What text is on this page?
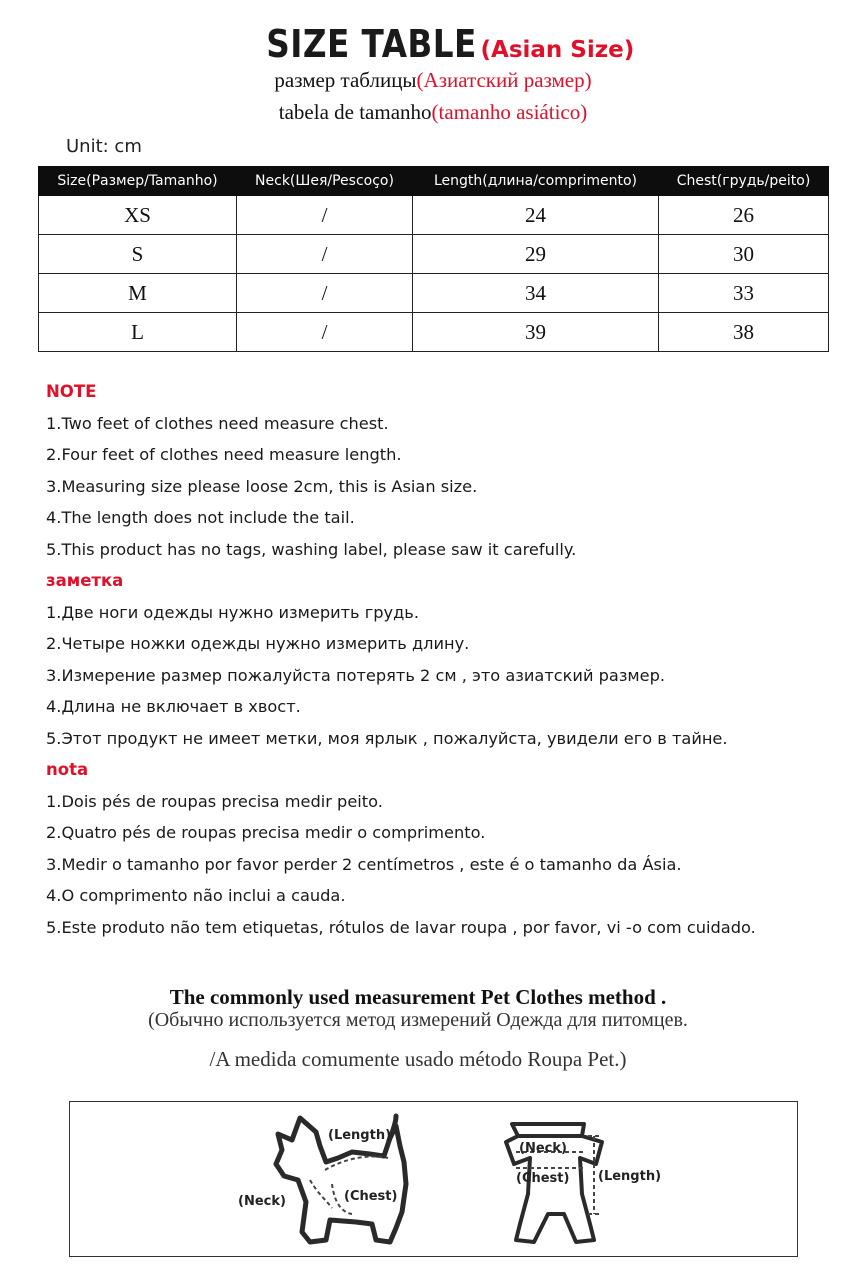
SIZE TABLE (Asian Size)
размер таблицы(Азиатский размер)
tabela de tamanho(tamanho asiático)
Unit: cm
Size(Размер/Tamanho)	Neck(Шея/Pescoço)	Length(длина/comprimento)	Chest(грудь/peito)
XS	/	24	26
S	/	29	30
M	/	34	33
L	/	39	38
NOTE
1.Two feet of clothes need measure chest.
2.Four feet of clothes need measure length.
3.Measuring size please loose 2cm, this is Asian size.
4.The length does not include the tail.
5.This product has no tags, washing label, please saw it carefully.
заметка
1.Две ноги одежды нужно измерить грудь.
2.Четыре ножки одежды нужно измерить длину.
3.Измерение размер пожалуйста потерять 2 см , это азиатский размер.
4.Длина не включает в хвост.
5.Этот продукт не имеет метки, моя ярлык , пожалуйста, увидели его в тайне.
nota
1.Dois pés de roupas precisa medir peito.
2.Quatro pés de roupas precisa medir o comprimento.
3.Medir o tamanho por favor perder 2 centímetros , este é o tamanho da Ásia.
4.O comprimento não inclui a cauda.
5.Este produto não tem etiquetas, rótulos de lavar roupa , por favor, vi -o com cuidado.
The commonly used measurement Pet Clothes method .
(Обычно используется метод измерений Одежда для питомцев.
/A medida comumente usado método Roupa Pet.)
(Length)
(Neck)	(Chest)
(Neck)
(Chest) (Length)
